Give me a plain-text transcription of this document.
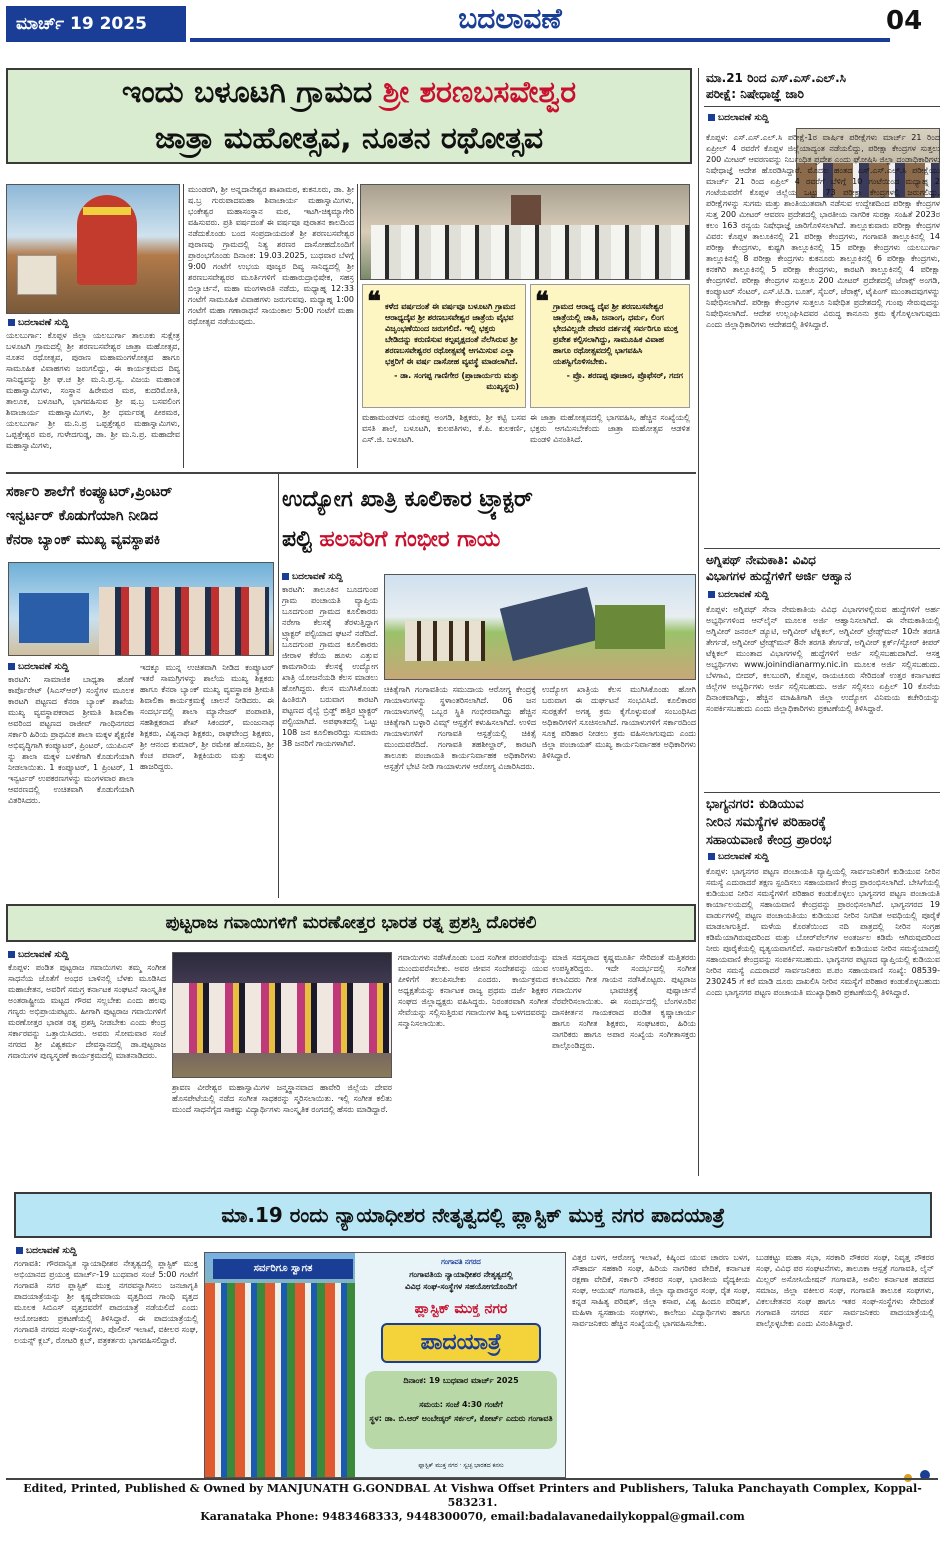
ಮಾರ್ಚ್ 19 2025	ಬದಲಾವಣೆ	04
ಇಂದು ಬಳೂಟಗಿ ಗ್ರಾಮದ ಶ್ರೀ ಶರಣಬಸವೇಶ್ವರ
ಜಾತ್ರಾ ಮಹೋತ್ಸವ, ನೂತನ ರಥೋತ್ಸವ
ಬದಲಾವಣೆ ಸುದ್ದಿ
ಯಲಬುರ್ಗಾ: ಕೊಪ್ಪಳ ಜಿಲ್ಲಾ ಯಲಬುರ್ಗಾ ತಾಲೂಕು ಸುಕ್ಷೇತ್ರ ಬಳೂಟಗಿ ಗ್ರಾಮದಲ್ಲಿ ಶ್ರೀ ಶರಣಬಸವೇಶ್ವರ ಜಾತ್ರಾ ಮಹೋತ್ಸವ, ನೂತನ ರಥೋತ್ಸವ, ಪುರಾಣ ಮಹಾಮಂಗಳೋತ್ಸವ ಹಾಗೂ ಸಾಮೂಹಿಕ ವಿವಾಹಗಳು ಜರುಗಲಿದ್ದು, ಈ ಕಾರ್ಯಕ್ರಮದ ದಿವ್ಯ ಸಾನಿಧ್ಯವನ್ನು ಶ್ರೀ ಘ.ಚ ಶ್ರೀ ಮ.ನಿ.ಪ್ರ.ಸ್ವ. ವಿಜಯ ಮಹಾಂತ ಮಹಾಸ್ವಾಮಿಗಳು, ಸಂಸ್ಥಾನ ಹಿರೇಮಠ ಮಠ, ಕುದರಿಮೋತಿ, ತಾಲೂಕ, ಬಳೂಟಗಿ, ಭಾಗವಹಿಸುವ ಶ್ರೀ ಷ.ಬ್ರ ಬಸವಲಿಂಗ ಶಿವಾಚಾರ್ಯ ಮಹಾಸ್ವಾಮಿಗಳು, ಶ್ರೀ ಧರ್ಮರತ್ನ ಪೀಠಮಠ, ಯಲಬುರ್ಗಾ ಶ್ರೀ ಮ.ನಿ.ಪ್ರ ಒಪ್ಪತ್ತೇಶ್ವರ ಮಹಾಸ್ವಾಮಿಗಳು, ಒಪ್ಪತ್ತೇಶ್ವರ ಮಠ, ಗುಳೇದಗುಡ್ಡ, ಡಾ. ಶ್ರೀ ಮ.ನಿ.ಪ್ರ. ಮಹಾದೇವ ಮಹಾಸ್ವಾಮಿಗಳು,
ಮುಂಡರಗಿ, ಶ್ರೀ ಅನ್ನದಾನೇಶ್ವರ ಶಾಖಾಮಠ, ಕುಕನೂರು, ಡಾ. ಶ್ರೀ ಷ.ಬ್ರ ಗುರುಪಾದಮಹಾ ಶಿವಾಚಾರ್ಯ ಮಹಾಸ್ವಾಮಿಗಳು, ಭಂಕೇಶ್ವರ ಮಹಾಸಂಸ್ಥಾನ ಮಠ, ಇಟಗಿ-ಚಿಕ್ಕಮ್ಯಾಗೇರಿ ವಹಿಸುವರು. ಪ್ರತಿ ವರ್ಷದಂತೆ ಈ ವರ್ಷವೂ ಪುರಾತನ ಕಾಲದಿಂದ ನಡೆದುಕೊಂಡು ಬಂದ ಸಂಪ್ರದಾಯದಂತೆ ಶ್ರೀ ಶರಣಬಸವೇಶ್ವರ ಪುರಾಣವು ಗ್ರಾಮದಲ್ಲಿ ನಿತ್ಯ ಶರಣರ ದಾಸೋಹದೊಂದಿಗೆ ಪ್ರಾರಂಭಗೊಂಡು ದಿನಾಂಕ: 19.03.2025, ಬುಧವಾರ ಬೆಳಗ್ಗೆ 9:00 ಗಂಟೆಗೆ ಉಭಯ ಪೂಜ್ಯರ ದಿವ್ಯ ಸಾನಿಧ್ಯದಲ್ಲಿ ಶ್ರೀ ಶರಣಬಸವೇಶ್ವರರ ಮೂರ್ತಿಗಳಿಗೆ ಮಹಾರುದ್ರಾಭಿಷೇಕ, ಸಹಸ್ರ ಬಿಲ್ವಾರ್ಚನೆ, ಮಹಾ ಮಂಗಳಾರತಿ ನಡೆದು, ಮಧ್ಯಾಹ್ನ 12:33 ಗಂಟೆಗೆ ಸಾಮೂಹಿಕ ವಿವಾಹಗಳು ಜರುಗುವವು. ಮಧ್ಯಾಹ್ನ 1:00 ಗಂಟೆಗೆ ಮಹಾ ಗಣಾರಾಧನೆ ಸಾಯಂಕಾಲ 5:00 ಗಂಟೆಗೆ ಮಹಾ ರಥೋತ್ಸವ ನಡೆಯುವುದು.
❝ ಕಳೆದ ವರ್ಷದಂತೆ ಈ ವರ್ಷವೂ ಬಳೂಟಗಿ ಗ್ರಾಮದ ಆರಾಧ್ಯದೈವ ಶ್ರೀ ಶರಣಬಸವೇಶ್ವರ ಜಾತ್ರೆಯ ವೈಭವ ವಿಜೃಂಭಣೆಯಿಂದ ಜರುಗಲಿದೆ. ಇಲ್ಲಿ ಭಕ್ತರು ಬೇಡಿದನ್ನು ಕರುಣಿಸುವ ಕಲ್ಪವೃಕ್ಷದಂತೆ ನೆಲೆಸಿರುವ ಶ್ರೀ ಶರಣಬಸವೇಶ್ವರರ ರಥೋತ್ಸವಕ್ಕೆ ಆಗಮಿಸುವ ಎಲ್ಲಾ ಭಕ್ತರಿಗೆ ಈ ವರ್ಷ ದಾಸೋಹ ವ್ಯವಸ್ಥೆ ಮಾಡಲಾಗಿದೆ.
- ಡಾ. ಸಂಗಪ್ಪ ಗಾಣಿಗೇರ (ಪ್ರಾಚಾರ್ಯರು ಮತ್ತು ಮುಖ್ಯಸ್ಥರು)
❝ ಗ್ರಾಮದ ಆರಾಧ್ಯ ದೈವ ಶ್ರೀ ಶರಣಬಸವೇಶ್ವರ ಜಾತ್ರೆಯಲ್ಲಿ ಜಾತಿ, ಜನಾಂಗ, ಧರ್ಮ, ಲಿಂಗ ಭೇದವಿಲ್ಲದೇ ದೇವರ ದರ್ಶನಕ್ಕೆ ಸರ್ವರಿಗೂ ಮುಕ್ತ ಪ್ರವೇಶ ಕಲ್ಪಿಸಲಾಗಿದ್ದು, ಸಾಮೂಹಿಕ ವಿವಾಹ ಹಾಗೂ ರಥೋತ್ಸವದಲ್ಲಿ ಭಾಗವಹಿಸಿ ಯಶಸ್ವಿಗೊಳಿಸಬೇಕು.
- ಪ್ರೊ. ಶರಣಪ್ಪ ಪೂಜಾರ, ಪ್ರೊಫೆಸರ್, ಗದಗ
ಮಹಾಮಂಡಳದ ಯಂಕಪ್ಪ ಅಂಗಡಿ, ಶಿಕ್ಷಕರು, ಶ್ರೀ ಕಟ್ಟಿ ಬಸವ ವಸತಿ ಶಾಲೆ, ಬಳೂಟಗಿ, ಕುಲಪತಿಗಳು, ಕೆ.ಪಿ. ಕುಲಕರ್ಣಿ, ಎಸ್.ಜಿ. ಬಳೂಟಗಿ.
ಈ ಜಾತ್ರಾ ಮಹೋತ್ಸವದಲ್ಲಿ ಭಾಗವಹಿಸಿ, ಹೆಚ್ಚಿನ ಸಂಖ್ಯೆಯಲ್ಲಿ ಭಕ್ತರು ಆಗಮಿಸಬೇಕೆಂದು ಜಾತ್ರಾ ಮಹೋತ್ಸವ ಆಡಳಿತ ಮಂಡಳಿ ವಿನಂತಿಸಿದೆ.
ಮಾ.21 ರಿಂದ ಎಸ್.ಎಸ್.ಎಲ್.ಸಿ
ಪರೀಕ್ಷೆ: ನಿಷೇಧಾಜ್ಞೆ ಜಾರಿ
ಬದಲಾವಣೆ ಸುದ್ದಿ
ಕೊಪ್ಪಳ: ಎಸ್.ಎಸ್.ಎಲ್.ಸಿ ಪರೀಕ್ಷೆ-1ರ ವಾರ್ಷಿಕ ಪರೀಕ್ಷೆಗಳು ಮಾರ್ಚ್ 21 ರಿಂದ ಏಪ್ರೀಲ್ 4 ರವರೆಗೆ ಕೊಪ್ಪಳ ಜಿಲ್ಲೆಯಾದ್ಯಂತ ನಡೆಯಲಿದ್ದು, ಪರೀಕ್ಷಾ ಕೇಂದ್ರಗಳ ಸುತ್ತಲು 200 ಮೀಟರ್ ಆವರಣವನ್ನು ನಿರ್ಬಂಧಿತ ಪ್ರದೇಶ ಎಂದು ಘೋಷಿಸಿ ಜಿಲ್ಲಾ ದಂಡಾಧಿಕಾರಿಗಳು ನಿಷೇಧಾಜ್ಞೆ ಆದೇಶ ಹೊರಡಿಸಿದ್ದಾರೆ. ಮೊದಲ ಹಂತದ ಎಸ್.ಎಸ್.ಎಲ್.ಸಿ ಪರೀಕ್ಷೆಯು ಮಾರ್ಚ್ 21 ರಿಂದ ಏಪ್ರಿಲ್ 4 ರವರೆಗೆ ಬೆಳಿಗ್ಗೆ 10 ಗಂಟೆಯಿಂದ ಮಧ್ಯಾಹ್ನ 2 ಗಂಟೆಯವರೆಗೆ ಕೊಪ್ಪಳ ಜಿಲ್ಲೆಯ ಒಟ್ಟು 73 ಪರೀಕ್ಷಾ ಕೇಂದ್ರಗಳಲ್ಲಿ ಜರುಗಲಿದ್ದು, ಪರೀಕ್ಷೆಗಳನ್ನು ಸುಗಮ ಮತ್ತು ಶಾಂತಿಯುತವಾಗಿ ನಡೆಸುವ ಉದ್ದೇಶದಿಂದ ಪರೀಕ್ಷಾ ಕೇಂದ್ರಗಳ ಸುತ್ತ 200 ಮೀಟರ್ ಆವರಣ ಪ್ರದೇಶದಲ್ಲಿ ಭಾರತೀಯ ನಾಗರಿಕ ಸುರಕ್ಷಾ ಸಂಹಿತೆ 2023ರ ಕಲಂ 163 ರನ್ವಯ ನಿಷೇಧಾಜ್ಞೆ ಜಾರಿಗೊಳಿಸಲಾಗಿದೆ. ತಾಲ್ಲೂಕುವಾರು ಪರೀಕ್ಷಾ ಕೇಂದ್ರಗಳ ವಿವರ: ಕೊಪ್ಪಳ ತಾಲೂಕಿನಲ್ಲಿ 21 ಪರೀಕ್ಷಾ ಕೇಂದ್ರಗಳು, ಗಂಗಾವತಿ ತಾಲ್ಲೂಕಿನಲ್ಲಿ 14 ಪರೀಕ್ಷಾ ಕೇಂದ್ರಗಳು, ಕುಷ್ಟಗಿ ತಾಲ್ಲೂಕಿನಲ್ಲಿ 15 ಪರೀಕ್ಷಾ ಕೇಂದ್ರಗಳು ಯಲಬುರ್ಗಾ ತಾಲ್ಲೂಕಿನಲ್ಲಿ 8 ಪರೀಕ್ಷಾ ಕೇಂದ್ರಗಳು ಕುಕನೂರು ತಾಲ್ಲೂಕಿನಲ್ಲಿ 6 ಪರೀಕ್ಷಾ ಕೇಂದ್ರಗಳು, ಕನಕಗಿರಿ ತಾಲ್ಲೂಕಿನಲ್ಲಿ 5 ಪರೀಕ್ಷಾ ಕೇಂದ್ರಗಳು, ಕಾರಟಗಿ ತಾಲ್ಲೂಕಿನಲ್ಲಿ 4 ಪರೀಕ್ಷಾ ಕೇಂದ್ರಗಳಿವೆ. ಪರೀಕ್ಷಾ ಕೇಂದ್ರಗಳ ಸುತ್ತಲೂ 200 ಮೀಟರ್ ಪ್ರದೇಶದಲ್ಲಿ ಜೆರಾಕ್ಸ್ ಅಂಗಡಿ, ಕಂಪ್ಯೂಟರ್ ಸೆಂಟರ್, ಎಸ್.ಟಿ.ಡಿ. ಬೂತ್, ಸೈಬರ್, ಜೆರಾಕ್ಸ್, ಟೈಪಿಂಗ್ ಮುಂತಾದವುಗಳನ್ನು ನಿಷೇಧಿಸಲಾಗಿದೆ. ಪರೀಕ್ಷಾ ಕೇಂದ್ರಗಳ ಸುತ್ತಲೂ ನಿಷೇಧಿತ ಪ್ರದೇಶದಲ್ಲಿ ಗುಂಪು ಸೇರುವುದನ್ನು ನಿಷೇಧಿಸಲಾಗಿದೆ. ಆದೇಶ ಉಲ್ಲಂಘಿಸಿದವರ ವಿರುದ್ಧ ಕಾನೂನು ಕ್ರಮ ಕೈಗೊಳ್ಳಲಾಗುವುದು ಎಂದು ಜಿಲ್ಲಾಧಿಕಾರಿಗಳು ಆದೇಶದಲ್ಲಿ ತಿಳಿಸಿದ್ದಾರೆ.
ಅಗ್ನಿಪಥ್ ನೇಮಕಾತಿ: ವಿವಿಧ
ವಿಭಾಗಗಳ ಹುದ್ದೆಗಳಿಗೆ ಅರ್ಜಿ ಆಹ್ವಾನ
ಬದಲಾವಣೆ ಸುದ್ದಿ
ಕೊಪ್ಪಳ: ಅಗ್ನಿಪಥ್ ಸೇನಾ ನೇಮಕಾತಿಯ ವಿವಿಧ ವಿಭಾಗಗಳಲ್ಲಿರುವ ಹುದ್ದೆಗಳಿಗೆ ಅರ್ಹ ಅಭ್ಯರ್ಥಿಗಳಿಂದ ಆನ್‌ಲೈನ್ ಮೂಲಕ ಅರ್ಜಿ ಆಹ್ವಾನಿಸಲಾಗಿದೆ. ಈ ನೇಮಕಾತಿಯಲ್ಲಿ ಅಗ್ನಿವೀರ್ ಜನರಲ್ ಡ್ಯೂಟಿ, ಅಗ್ನಿವೀರ್ ಟೆಕ್ನಿಕಲ್, ಅಗ್ನಿವೀರ್ ಟ್ರೇಡ್ಸ್‌ಮನ್ 10ನೇ ತರಗತಿ ತೇರ್ಗಡೆ, ಅಗ್ನಿವೀರ್ ಟ್ರೇಡ್ಸ್‌ಮನ್ 8ನೇ ತರಗತಿ ತೇರ್ಗಡೆ, ಅಗ್ನಿವೀರ್ ಕ್ಲರ್ಕ್/ಸ್ಟೋರ್ ಕೀಪರ್ ಟೆಕ್ನಿಕಲ್ ಮುಂತಾದ ವಿಭಾಗಗಳಲ್ಲಿ ಹುದ್ದೆಗಳಿಗೆ ಅರ್ಜಿ ಸಲ್ಲಿಸಬಹುದಾಗಿದೆ. ಆಸಕ್ತ ಅಭ್ಯರ್ಥಿಗಳು www.joinindianarmy.nic.in ಮೂಲಕ ಅರ್ಜಿ ಸಲ್ಲಿಸಬಹುದು. ಬೆಳಗಾವಿ, ಬೀದರ್, ಕಲಬುರಗಿ, ಕೊಪ್ಪಳ, ರಾಯಚೂರು ಸೇರಿದಂತೆ ಉತ್ತರ ಕರ್ನಾಟಕದ ಜಿಲ್ಲೆಗಳ ಅಭ್ಯರ್ಥಿಗಳು ಅರ್ಜಿ ಸಲ್ಲಿಸಬಹುದು. ಅರ್ಜಿ ಸಲ್ಲಿಸಲು ಏಪ್ರಿಲ್ 10 ಕೊನೆಯ ದಿನಾಂಕವಾಗಿದ್ದು, ಹೆಚ್ಚಿನ ಮಾಹಿತಿಗಾಗಿ ಜಿಲ್ಲಾ ಉದ್ಯೋಗ ವಿನಿಮಯ ಕಚೇರಿಯನ್ನು ಸಂಪರ್ಕಿಸಬಹುದು ಎಂದು ಜಿಲ್ಲಾಧಿಕಾರಿಗಳು ಪ್ರಕಟಣೆಯಲ್ಲಿ ತಿಳಿಸಿದ್ದಾರೆ.
ಭಾಗ್ಯನಗರ: ಕುಡಿಯುವ
ನೀರಿನ ಸಮಸ್ಯೆಗಳ ಪರಿಹಾರಕ್ಕೆ
ಸಹಾಯವಾಣಿ ಕೇಂದ್ರ ಪ್ರಾರಂಭ
ಬದಲಾವಣೆ ಸುದ್ದಿ
ಕೊಪ್ಪಳ: ಭಾಗ್ಯನಗರ ಪಟ್ಟಣ ಪಂಚಾಯತಿ ವ್ಯಾಪ್ತಿಯಲ್ಲಿ ಸಾರ್ವಜನಿಕರಿಗೆ ಕುಡಿಯುವ ನೀರಿನ ಸಮಸ್ಯೆ ಎದುರಾದರೆ ತಕ್ಷಣ ಸ್ಪಂದಿಸಲು ಸಹಾಯವಾಣಿ ಕೇಂದ್ರ ಪ್ರಾರಂಭಿಸಲಾಗಿದೆ. ಬೇಸಿಗೆಯಲ್ಲಿ ಕುಡಿಯುವ ನೀರಿನ ಸಮಸ್ಯೆಗಳಿಗೆ ಪರಿಹಾರ ಕಂಡುಕೊಳ್ಳಲು ಭಾಗ್ಯನಗರ ಪಟ್ಟಣ ಪಂಚಾಯತಿ ಕಾರ್ಯಾಲಯದಲ್ಲಿ ಸಹಾಯವಾಣಿ ಕೇಂದ್ರವನ್ನು ಪ್ರಾರಂಭಿಸಲಾಗಿದೆ. ಭಾಗ್ಯನಗರದ 19 ವಾರ್ಡುಗಳಲ್ಲಿ ಪಟ್ಟಣ ಪಂಚಾಯತಿಯು ಕುಡಿಯುವ ನೀರಿನ ನಿಗದಿತ ಅವಧಿಯಲ್ಲಿ ಪೂರೈಕೆ ಮಾಡಲಾಗುತ್ತಿದೆ. ಮಳೆಯ ಕೊರತೆಯಿಂದ ನದಿ ಪಾತ್ರದಲ್ಲಿ ನೀರಿನ ಸಂಗ್ರಹ ಕಡಿಮೆಯಾಗಿರುವುದರಿಂದ ಮತ್ತು ಬೋರ್‌ವೆಲ್‌ಗಳ ಅಂತರ್ಜಲ ಕಡಿಮೆ ಆಗಿರುವುದರಿಂದ ನೀರು ಪೂರೈಕೆಯಲ್ಲಿ ವ್ಯತ್ಯಯವಾಗಲಿದೆ. ಸಾರ್ವಜನಿಕರಿಗೆ ಕುಡಿಯುವ ನೀರಿನ ಸಮಸ್ಯೆಯಾದಲ್ಲಿ ಸಹಾಯವಾಣಿ ಕೇಂದ್ರವನ್ನು ಸಂಪರ್ಕಿಸಬಹುದು. ಭಾಗ್ಯನಗರ ಪಟ್ಟಣದ ವ್ಯಾಪ್ತಿಯಲ್ಲಿ ಕುಡಿಯುವ ನೀರಿನ ಸಮಸ್ಯೆ ಎದುರಾದರೆ ಸಾರ್ವಜನಿಕರು ಪ.ಪಂ ಸಹಾಯವಾಣಿ ಸಂಖ್ಯೆ: 08539-230245 ಗೆ ಕರೆ ಮಾಡಿ ದೂರು ದಾಖಲಿಸಿ ನೀರಿನ ಸಮಸ್ಯೆಗೆ ಪರಿಹಾರ ಕಂಡುಕೊಳ್ಳಬಹುದು ಎಂದು ಭಾಗ್ಯನಗರ ಪಟ್ಟಣ ಪಂಚಾಯತಿ ಮುಖ್ಯಾಧಿಕಾರಿ ಪ್ರಕಟಣೆಯಲ್ಲಿ ತಿಳಿಸಿದ್ದಾರೆ.
ಸರ್ಕಾರಿ ಶಾಲೆಗೆ ಕಂಪ್ಯೂಟರ್,ಪ್ರಿಂಟರ್
ಇನ್ವರ್ಟರ್ ಕೊಡುಗೆಯಾಗಿ ನೀಡಿದ
ಕೆನರಾ ಬ್ಯಾಂಕ್ ಮುಖ್ಯ ವ್ಯವಸ್ಥಾಪಕಿ
ಬದಲಾವಣೆ ಸುದ್ದಿ
ಕಾರಟಗಿ: ಸಾಮಾಜಿಕ ಬಾಧ್ಯತಾ ಹೊಣೆ ಕಾರ್ಪೊರೇಟ್ (ಸಿಎಸ್ಆರ್) ಸಂಸ್ಥೆಗಳ ಮೂಲಕ ಕಾರಟಗಿ ಪಟ್ಟಣದ ಕೆನರಾ ಬ್ಯಾಂಕ್ ಶಾಖೆಯ ಮುಖ್ಯ ವ್ಯವಸ್ಥಾಪಕರಾದ ಶ್ರೀಮತಿ ಶಿವಾಲಿಕಾ ಅವರಿಂದ ಪಟ್ಟಣದ ರಾಜೀವ್ ಗಾಂಧಿನಗರದ ಸರ್ಕಾರಿ ಹಿರಿಯ ಪ್ರಾಥಮಿಕ ಶಾಲಾ ಮಕ್ಕಳ ಶೈಕ್ಷಣಿಕ ಅಭಿವೃದ್ಧಿಗಾಗಿ ಕಂಪ್ಯೂಟರ್, ಪ್ರಿಂಟರ್, ಯುಪಿಎಸ್ ನ್ನು ಶಾಲಾ ಮಕ್ಕಳ ಬಳಕೆಗಾಗಿ ಕೊಡುಗೆಯಾಗಿ ನೀಡಲಾಯಿತು. 1 ಕಂಪ್ಯೂಟರ್, 1 ಪ್ರಿಂಟರ್, 1 ಇನ್ವರ್ಟರ್ ಉಪಕರಣಗಳನ್ನು ಮಂಗಳವಾರ ಶಾಲಾ ಆವರಣದಲ್ಲಿ ಉಚಿತವಾಗಿ ಕೊಡುಗೆಯಾಗಿ ವಿತರಿಸಿದರು.
ಇದಕ್ಕೂ ಮುನ್ನ ಉಚಿತವಾಗಿ ನೀಡಿದ ಕಂಪ್ಯೂಟರ್ ಇತರೆ ಸಾಮಗ್ರಿಗಳನ್ನು ಶಾಲೆಯ ಮುಖ್ಯ ಶಿಕ್ಷಕರು ಹಾಗೂ ಕೆನರಾ ಬ್ಯಾಂಕ್ ಮುಖ್ಯ ವ್ಯವಸ್ಥಾಪಕಿ ಶ್ರೀಮತಿ ಶಿವಾಲಿಕಾ ಕಾರ್ಯಕ್ರಮಕ್ಕೆ ಚಾಲನೆ ನೀಡಿದರು. ಈ ಸಂದರ್ಭದಲ್ಲಿ ಶಾಲಾ ಮ್ಯಾನೇಜರ್ ಪಂಪಾಪತಿ, ಸಹಶಿಕ್ಷಕರಾದ ಶೇಖ್ ಸಿಕಂದರ್, ಮಂಜುನಾಥ ಶಿಕ್ಷಕರು, ವಿಶ್ವನಾಥ ಶಿಕ್ಷಕರು, ರಾಘವೇಂದ್ರ ಶಿಕ್ಷಕರು, ಶ್ರೀ ಆನಂದ ಕುಮಾರ್, ಶ್ರೀ ರಮೇಶ ಹೊಸಮನಿ, ಶ್ರೀ ಕೆಂಚ ಪವಾರ್, ಶಿಕ್ಷಕಿಯರು ಮತ್ತು ಮಕ್ಕಳು ಹಾಜರಿದ್ದರು.
ಉದ್ಯೋಗ ಖಾತ್ರಿ ಕೂಲಿಕಾರ ಟ್ರ್ಯಾಕ್ಟರ್
ಪಲ್ಟಿ ಹಲವರಿಗೆ ಗಂಭೀರ ಗಾಯ
ಬದಲಾವಣೆ ಸುದ್ದಿ
ಕಾರಟಗಿ: ತಾಲೂಕಿನ ಬೂದಗುಂಪ ಗ್ರಾಮ ಪಂಚಾಯತಿ ವ್ಯಾಪ್ತಿಯ ಬೂದಗುಂಪ ಗ್ರಾಮದ ಕೂಲಿಕಾರರು ನರೇಗಾ ಕೆಲಸಕ್ಕೆ ತೆರಳುತ್ತಿದ್ದಾಗ ಟ್ರ್ಯಾಕ್ಟರ್ ಪಲ್ಟಿಯಾದ ಘಟನೆ ನಡೆದಿದೆ. ಬೂದಗುಂಪ ಗ್ರಾಮದ ಕೂಲಿಕಾರರು ಜೀರಾಳ ಕೆರೆಯ ಹೂಳು ಎತ್ತುವ ಕಾಮಗಾರಿಯ ಕೆಲಸಕ್ಕೆ ಉದ್ಯೋಗ ಖಾತ್ರಿ ಯೋಜನೆಯಡಿ ಕೆಲಸ ಮಾಡಲು ಹೋಗಿದ್ದರು. ಕೆಲಸ ಮುಗಿಸಿಕೊಂಡು ಹಿಂತಿರುಗಿ ಬರುವಾಗ ಕಾರಟಗಿ ಪಟ್ಟಣದ ರೈಲ್ವೆ ಬ್ರಿಡ್ಜ್ ಹತ್ತಿರ ಟ್ರ್ಯಾಕ್ಟರ್ ಪಲ್ಟಿಯಾಗಿದೆ. ಅಪಘಾತದಲ್ಲಿ ಒಟ್ಟು 108 ಜನ ಕೂಲಿಕಾರರಿದ್ದು ಸುಮಾರು 38 ಜನರಿಗೆ ಗಾಯಗಳಾಗಿವೆ.
ಚಿಕಿತ್ಸೆಗಾಗಿ ಗಂಗಾವತಿಯ ಸಮುದಾಯ ಆರೋಗ್ಯ ಕೇಂದ್ರಕ್ಕೆ ಗಾಯಾಳುಗಳನ್ನು ಸ್ಥಳಾಂತರಿಸಲಾಗಿದೆ. 06 ಜನ ಗಾಯಾಳುಗಳಲ್ಲಿ ಒಬ್ಬರ ಸ್ಥಿತಿ ಗಂಭೀರವಾಗಿದ್ದು ಹೆಚ್ಚಿನ ಚಿಕಿತ್ಸೆಗಾಗಿ ಬಳ್ಳಾರಿ ವಿಮ್ಸ್ ಆಸ್ಪತ್ರೆಗೆ ಕಳುಹಿಸಲಾಗಿದೆ. ಉಳಿದ ಗಾಯಾಳುಗಳಿಗೆ ಗಂಗಾವತಿ ಆಸ್ಪತ್ರೆಯಲ್ಲಿ ಚಿಕಿತ್ಸೆ ಮುಂದುವರೆದಿದೆ. ಗಂಗಾವತಿ ತಹಶೀಲ್ದಾರ್, ಕಾರಟಗಿ ತಾಲೂಕು ಪಂಚಾಯತಿ ಕಾರ್ಯನಿರ್ವಾಹಕ ಅಧಿಕಾರಿಗಳು ಆಸ್ಪತ್ರೆಗೆ ಭೇಟಿ ನೀಡಿ ಗಾಯಾಳುಗಳ ಆರೋಗ್ಯ ವಿಚಾರಿಸಿದರು.
ಉದ್ಯೋಗ ಖಾತ್ರಿಯ ಕೆಲಸ ಮುಗಿಸಿಕೊಂಡು ಹೋಗಿ ಬರುವಾಗ ಈ ದುರ್ಘಟನೆ ಸಂಭವಿಸಿದೆ. ಕೂಲಿಕಾರರ ಸುರಕ್ಷತೆಗೆ ಅಗತ್ಯ ಕ್ರಮ ಕೈಗೊಳ್ಳುವಂತೆ ಸಂಬಂಧಿಸಿದ ಅಧಿಕಾರಿಗಳಿಗೆ ಸೂಚಿಸಲಾಗಿದೆ. ಗಾಯಾಳುಗಳಿಗೆ ಸರ್ಕಾರದಿಂದ ಸೂಕ್ತ ಪರಿಹಾರ ನೀಡಲು ಕ್ರಮ ವಹಿಸಲಾಗುವುದು ಎಂದು ಜಿಲ್ಲಾ ಪಂಚಾಯತ್ ಮುಖ್ಯ ಕಾರ್ಯನಿರ್ವಾಹಕ ಅಧಿಕಾರಿಗಳು ತಿಳಿಸಿದ್ದಾರೆ.
ಪುಟ್ಟರಾಜ ಗವಾಯಿಗಳಿಗೆ ಮರಣೋತ್ತರ ಭಾರತ ರತ್ನ ಪ್ರಶಸ್ತಿ ದೊರಕಲಿ
ಬದಲಾವಣೆ ಸುದ್ದಿ
ಕೊಪ್ಪಳ: ಪಂಡಿತ ಪುಟ್ಟರಾಜ ಗವಾಯಿಗಳು ತಮ್ಮ ಸಂಗೀತ ಸಾಧನೆಯ ಜೊತೆಗೆ ಅಂಧರ ಬಾಳಿನಲ್ಲಿ ಬೆಳಕು ಮೂಡಿಸಿದ ಮಹಾಚೇತನ, ಅವರಿಗೆ ಸಮಗ್ರ ಕರ್ನಾಟಕ ಸಂಘಟನೆ ಸಾಂಸ್ಕೃತಿಕ ಅಂತರಾಷ್ಟ್ರೀಯ ಮಟ್ಟದ ಗೌರವ ಸಲ್ಲಬೇಕು ಎಂದು ಹಲವು ಗಣ್ಯರು ಅಭಿಪ್ರಾಯಪಟ್ಟರು. ಹೀಗಾಗಿ ಪುಟ್ಟರಾಜ ಗವಾಯಿಗಳಿಗೆ ಮರಣೋತ್ತರ ಭಾರತ ರತ್ನ ಪ್ರಶಸ್ತಿ ನೀಡಬೇಕು ಎಂದು ಕೇಂದ್ರ ಸರ್ಕಾರವನ್ನು ಒತ್ತಾಯಿಸಿದರು. ಅವರು ಸೋಮವಾರ ಸಂಜೆ ನಗರದ ಶ್ರೀ ವಿಶ್ವಕರ್ಮ ದೇವಸ್ಥಾನದಲ್ಲಿ ಡಾ.ಪುಟ್ಟರಾಜ ಗವಾಯಿಗಳ ಪುಣ್ಯಸ್ಮರಣೆ ಕಾರ್ಯಕ್ರಮದಲ್ಲಿ ಮಾತನಾಡಿದರು.
ಶ್ರಾವಣ ವೀರೇಶ್ವರ ಮಹಾಸ್ವಾಮಿಗಳ ಜನ್ಮಸ್ಥಾನವಾದ ಹಾವೇರಿ ಜಿಲ್ಲೆಯ ದೇವರ ಹೊಸಪೇಟೆಯಲ್ಲಿ ನಡೆದ ಸಂಗೀತ ಸಾಧಕರನ್ನು ಸ್ಮರಿಸಲಾಯಿತು. ಇಲ್ಲಿ ಸಂಗೀತ ಕಲಿತು ಮುಂದೆ ಸಾಧನೆಗೈದ ಸಾಕಷ್ಟು ವಿದ್ಯಾರ್ಥಿಗಳು ಸಾಂಸ್ಕೃತಿಕ ರಂಗದಲ್ಲಿ ಹೆಸರು ಮಾಡಿದ್ದಾರೆ.
ಗವಾಯಿಗಳು ನಡೆಸಿಕೊಂಡು ಬಂದ ಸಂಗೀತ ಪರಂಪರೆಯನ್ನು ಮುಂದುವರೆಸಬೇಕು. ಅವರ ಜೀವನ ಸಂದೇಶವನ್ನು ಯುವ ಪೀಳಿಗೆಗೆ ತಲುಪಿಸಬೇಕು ಎಂದರು. ಕಾರ್ಯಕ್ರಮದ ಅಧ್ಯಕ್ಷತೆಯನ್ನು ಕರ್ನಾಟಕ ರಾಜ್ಯ ಪ್ರಥಮ ದರ್ಜೆ ಶಿಕ್ಷಕರ ಸಂಘದ ಜಿಲ್ಲಾಧ್ಯಕ್ಷರು ವಹಿಸಿದ್ದರು. ನಿರಂತರವಾಗಿ ಸಂಗೀತ ಸೇವೆಯನ್ನು ಸಲ್ಲಿಸುತ್ತಿರುವ ಗವಾಯಿಗಳ ಶಿಷ್ಯ ಬಳಗದವರನ್ನು ಸನ್ಮಾನಿಸಲಾಯಿತು.
ಮಾಜಿ ಸದಸ್ಯರಾದ ಕೃಷ್ಣಮೂರ್ತಿ ಸೇರಿದಂತೆ ಮತ್ತಿತರರು ಉಪಸ್ಥಿತರಿದ್ದರು. ಇದೇ ಸಂದರ್ಭದಲ್ಲಿ ಸಂಗೀತ ಕಲಾವಿದರು ಗೀತ ಗಾಯನ ನಡೆಸಿಕೊಟ್ಟರು. ಪುಟ್ಟರಾಜ ಗವಾಯಿಗಳ ಭಾವಚಿತ್ರಕ್ಕೆ ಪುಷ್ಪಾರ್ಚನೆ ನೆರವೇರಿಸಲಾಯಿತು. ಈ ಸಂದರ್ಭದಲ್ಲಿ ಬೆಂಗಳೂರಿನ ದಾಸಕೀರ್ತನ ಗಾಯಕರಾದ ಪಂಡಿತ ಕೃಷ್ಣಾಚಾರ್ಯ ಹಾಗೂ ಸಂಗೀತ ಶಿಕ್ಷಕರು, ಸಂಘಟಕರು, ಹಿರಿಯ ನಾಗರಿಕರು ಹಾಗೂ ಅಪಾರ ಸಂಖ್ಯೆಯ ಸಂಗೀತಾಸಕ್ತರು ಪಾಲ್ಗೊಂಡಿದ್ದರು.
ಮಾ.19 ರಂದು ನ್ಯಾಯಾಧೀಶರ ನೇತೃತ್ವದಲ್ಲಿ ಪ್ಲಾಸ್ಟಿಕ್ ಮುಕ್ತ ನಗರ ಪಾದಯಾತ್ರೆ
ಬದಲಾವಣೆ ಸುದ್ದಿ
ಗಂಗಾವತಿ: ಗೌರವಾನ್ವಿತ ನ್ಯಾಯಾಧೀಶರ ನೇತೃತ್ವದಲ್ಲಿ ಪ್ಲಾಸ್ಟಿಕ್ ಮುಕ್ತ ಅಭಿಯಾನದ ಪ್ರಯುಕ್ತ ಮಾರ್ಚ್-19 ಬುಧವಾರ ಸಂಜೆ 5:00 ಗಂಟೆಗೆ ಗಂಗಾವತಿ ನಗರ ಪ್ಲಾಸ್ಟಿಕ್ ಮುಕ್ತ ನಗರವನ್ನಾಗಿಸಲು ಜನಜಾಗೃತಿ ಪಾದಯಾತ್ರೆಯನ್ನು ಶ್ರೀ ಕೃಷ್ಣದೇವರಾಯ ವೃತ್ತದಿಂದ ಗಾಂಧಿ ವೃತ್ತದ ಮೂಲಕ ಸಿಬಿಎಸ್ ವೃತ್ತದವರೆಗೆ ಪಾದಯಾತ್ರೆ ನಡೆಯಲಿದೆ ಎಂದು ಆಯೋಜಕರು ಪ್ರಕಟಣೆಯಲ್ಲಿ ತಿಳಿಸಿದ್ದಾರೆ. ಈ ಪಾದಯಾತ್ರೆಯಲ್ಲಿ ಗಂಗಾವತಿ ನಗರದ ಸಂಘ-ಸಂಸ್ಥೆಗಳು, ಪೊಲೀಸ್ ಇಲಾಖೆ, ವಕೀಲರ ಸಂಘ, ಲಯನ್ಸ್ ಕ್ಲಬ್, ರೋಟರಿ ಕ್ಲಬ್, ಪತ್ರಕರ್ತರು ಭಾಗವಹಿಸಲಿದ್ದಾರೆ.
ಸರ್ವರಿಗೂ ಸ್ವಾಗತ
ಗಂಗಾವತಿ ನಗರದ
ಗಂಗಾವತಿಯ ನ್ಯಾಯಾಧೀಶರ ನೇತೃತ್ವದಲ್ಲಿ
ವಿವಿಧ ಸಂಘ-ಸಂಸ್ಥೆಗಳ ಸಹಯೋಗದೊಂದಿಗೆ
ಪ್ಲಾಸ್ಟಿಕ್ ಮುಕ್ತ ನಗರ
ಪಾದಯಾತ್ರೆ
ದಿನಾಂಕ: 19 ಬುಧವಾರ ಮಾರ್ಚ್ 2025
ಸಮಯ: ಸಂಜೆ 4:30 ಗಂಟೆಗೆ
ಸ್ಥಳ: ಡಾ. ಬಿ.ಆರ್ ಅಂಬೇಡ್ಕರ್ ಸರ್ಕಲ್, ಕೋರ್ಟ್ ಎದುರು ಗಂಗಾವತಿ
ಪ್ಲಾಸ್ಟಿಕ್ ಮುಕ್ತ ನಗರ · ಸ್ವಚ್ಛ ಭಾರತದ ಕನಸು
ವಿತ್ತರ ಬಳಗ, ಆರೋಗ್ಯ ಇಲಾಖೆ, ಕಿಷ್ಕಿಂದ ಯುವ ಚಾರಣ ಬಳಗ, ಸೌಹಾರ್ದ ಸಹಕಾರಿ ಸಂಘ, ಹಿರಿಯ ನಾಗರಿಕರ ವೇದಿಕೆ, ಕರ್ನಾಟಕ ರಕ್ಷಣಾ ವೇದಿಕೆ, ಸರ್ಕಾರಿ ನೌಕರರ ಸಂಘ, ಭಾರತೀಯ ವೈದ್ಯಕೀಯ ಸಂಘ, ಆಯುಷ್ ಗಂಗಾವತಿ, ಜಿಲ್ಲಾ ವ್ಯಾಪಾರಸ್ಥರ ಸಂಘ, ರೈತ ಸಂಘ, ಕನ್ನಡ ಸಾಹಿತ್ಯ ಪರಿಷತ್, ಜಿಲ್ಲಾ ಕಸಾಪ, ವಿಶ್ವ ಹಿಂದೂ ಪರಿಷತ್, ಮಹಿಳಾ ಸ್ವಸಹಾಯ ಸಂಘಗಳು, ಕಾಲೇಜು ವಿದ್ಯಾರ್ಥಿಗಳು ಹಾಗೂ ಸಾರ್ವಜನಿಕರು ಹೆಚ್ಚಿನ ಸಂಖ್ಯೆಯಲ್ಲಿ ಭಾಗವಹಿಸಬೇಕು.
ಬುಡಕಟ್ಟು ಮಹಾ ಸಭಾ, ಸರಕಾರಿ ನೌಕರರ ಸಂಘ, ನಿವೃತ್ತ ನೌಕರರ ಸಂಘ, ವಿವಿಧ ಪರ ಸಂಘಟನೆಗಳು, ತಾಲೂಕಾ ಆಸ್ಪತ್ರೆ ಗಂಗಾವತಿ, ಲೈನ್ ಮಿಲ್ಲರ್ ಅಸೋಸಿಯೇಷನ್ ಗಂಗಾವತಿ, ಅಖಿಲ ಕರ್ನಾಟಕ ಹಡಪದ ಸಮಾಜ, ಜಿಲ್ಲಾ ವಕೀಲರ ಸಂಘ, ಗಂಗಾವತಿ ತಾಲೂಕ ಸಂಘಗಳು, ವಿಕಲಚೇತನರ ಸಂಘ ಹಾಗೂ ಇತರ ಸಂಘ-ಸಂಸ್ಥೆಗಳು ಸೇರಿದಂತೆ ಗಂಗಾವತಿ ನಗರದ ಸರ್ವ ಸಾರ್ವಜನಿಕರು ಪಾದಯಾತ್ರೆಯಲ್ಲಿ ಪಾಲ್ಗೊಳ್ಳಬೇಕು ಎಂದು ವಿನಂತಿಸಿದ್ದಾರೆ.
Edited, Printed, Published & Owned by MANJUNATH G.GONDBAL At Vishwa Offset Printers and Publishers, Taluka Panchayath Complex, Koppal-583231.
Karanataka Phone: 9483468333, 9448300070, email:badalavanedailykoppal@gmail.com
